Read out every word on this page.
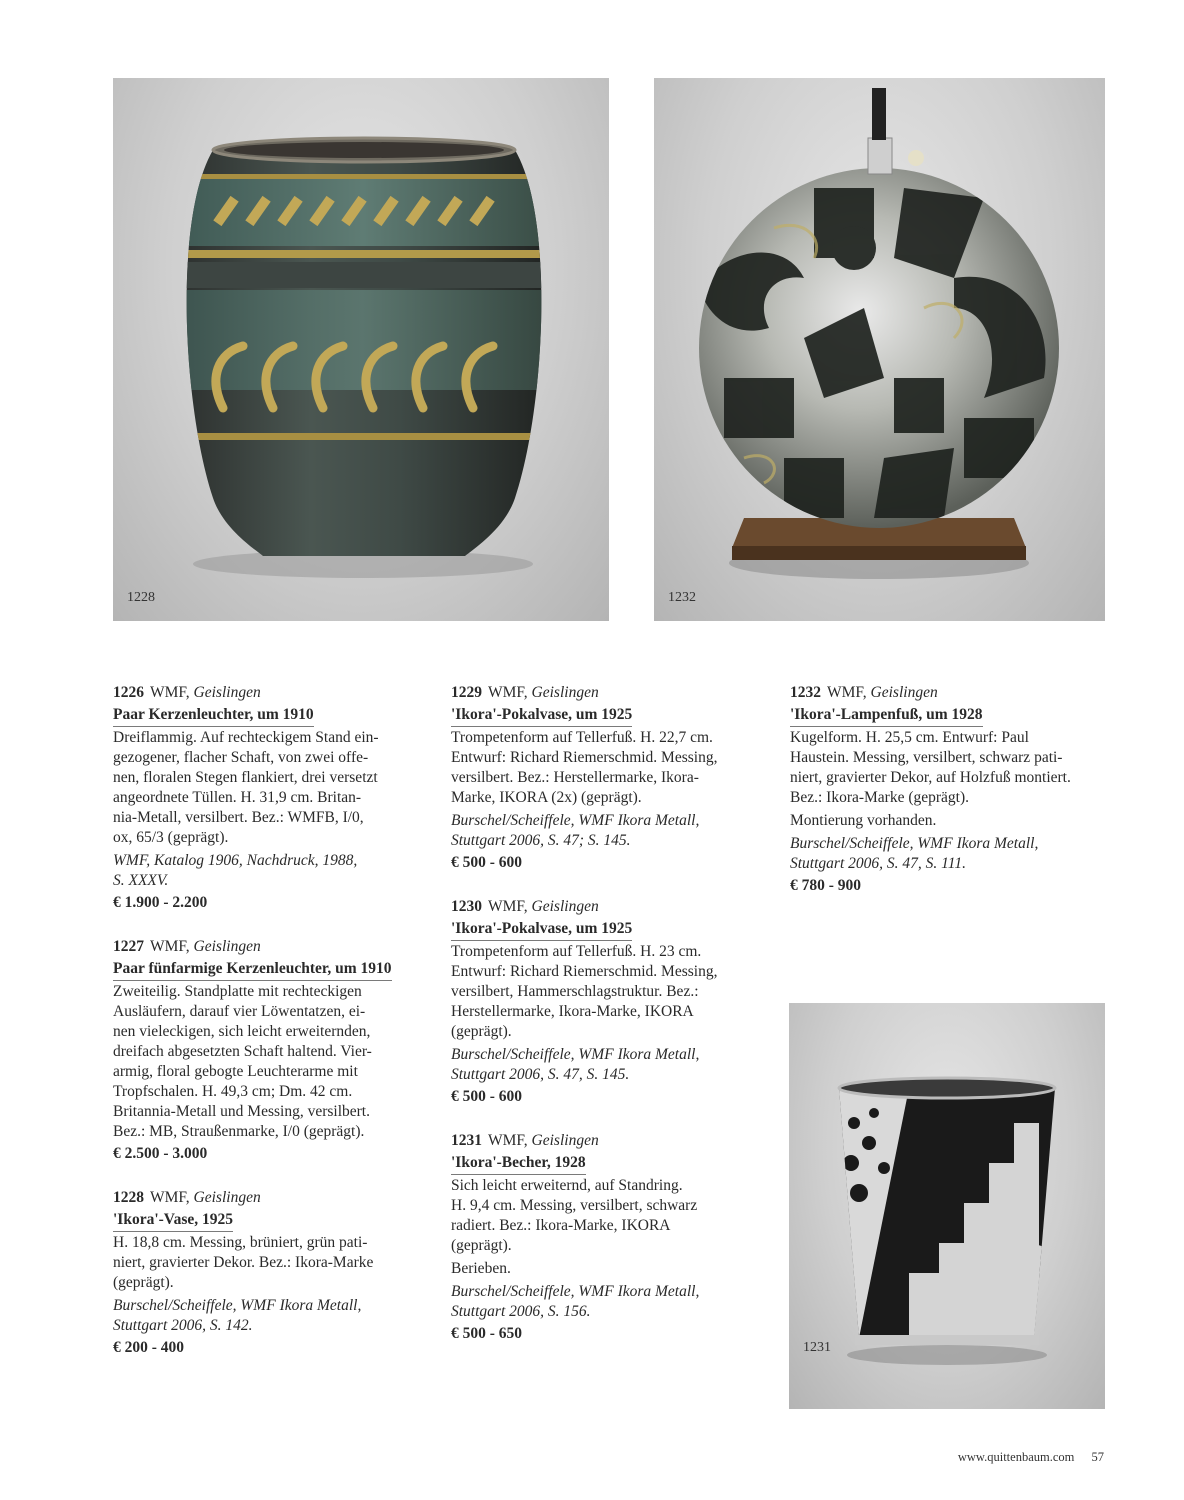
1228	1232
1231
1226 WMF, Geislingen
Paar Kerzenleuchter, um 1910
Dreiflammig. Auf rechteckigem Stand ein-
gezogener, flacher Schaft, von zwei offe-
nen, floralen Stegen flankiert, drei versetzt
angeordnete Tüllen. H. 31,9 cm. Britan-
nia-Metall, versilbert. Bez.: WMFB, I/0,
ox, 65/3 (geprägt).
WMF, Katalog 1906, Nachdruck, 1988,
S. XXXV.
€ 1.900 - 2.200
1227 WMF, Geislingen
Paar fünfarmige Kerzenleuchter, um 1910
Zweiteilig. Standplatte mit rechteckigen
Ausläufern, darauf vier Löwentatzen, ei-
nen vieleckigen, sich leicht erweiternden,
dreifach abgesetzten Schaft haltend. Vier-
armig, floral gebogte Leuchterarme mit
Tropfschalen. H. 49,3 cm; Dm. 42 cm.
Britannia-Metall und Messing, versilbert.
Bez.: MB, Straußenmarke, I/0 (geprägt).
€ 2.500 - 3.000
1228 WMF, Geislingen
'Ikora'-Vase, 1925
H. 18,8 cm. Messing, brüniert, grün pati-
niert, gravierter Dekor. Bez.: Ikora-Marke
(geprägt).
Burschel/Scheiffele, WMF Ikora Metall,
Stuttgart 2006, S. 142.
€ 200 - 400
1229 WMF, Geislingen
'Ikora'-Pokalvase, um 1925
Trompetenform auf Tellerfuß. H. 22,7 cm.
Entwurf: Richard Riemerschmid. Messing,
versilbert. Bez.: Herstellermarke, Ikora-
Marke, IKORA (2x) (geprägt).
Burschel/Scheiffele, WMF Ikora Metall,
Stuttgart 2006, S. 47; S. 145.
€ 500 - 600
1230 WMF, Geislingen
'Ikora'-Pokalvase, um 1925
Trompetenform auf Tellerfuß. H. 23 cm.
Entwurf: Richard Riemerschmid. Messing,
versilbert, Hammerschlagstruktur. Bez.:
Herstellermarke, Ikora-Marke, IKORA
(geprägt).
Burschel/Scheiffele, WMF Ikora Metall,
Stuttgart 2006, S. 47, S. 145.
€ 500 - 600
1231 WMF, Geislingen
'Ikora'-Becher, 1928
Sich leicht erweiternd, auf Standring.
H. 9,4 cm. Messing, versilbert, schwarz
radiert. Bez.: Ikora-Marke, IKORA
(geprägt).
Berieben.
Burschel/Scheiffele, WMF Ikora Metall,
Stuttgart 2006, S. 156.
€ 500 - 650
1232 WMF, Geislingen
'Ikora'-Lampenfuß, um 1928
Kugelform. H. 25,5 cm. Entwurf: Paul
Haustein. Messing, versilbert, schwarz pati-
niert, gravierter Dekor, auf Holzfuß montiert.
Bez.: Ikora-Marke (geprägt).
Montierung vorhanden.
Burschel/Scheiffele, WMF Ikora Metall,
Stuttgart 2006, S. 47, S. 111.
€ 780 - 900
www.quittenbaum.com 57
